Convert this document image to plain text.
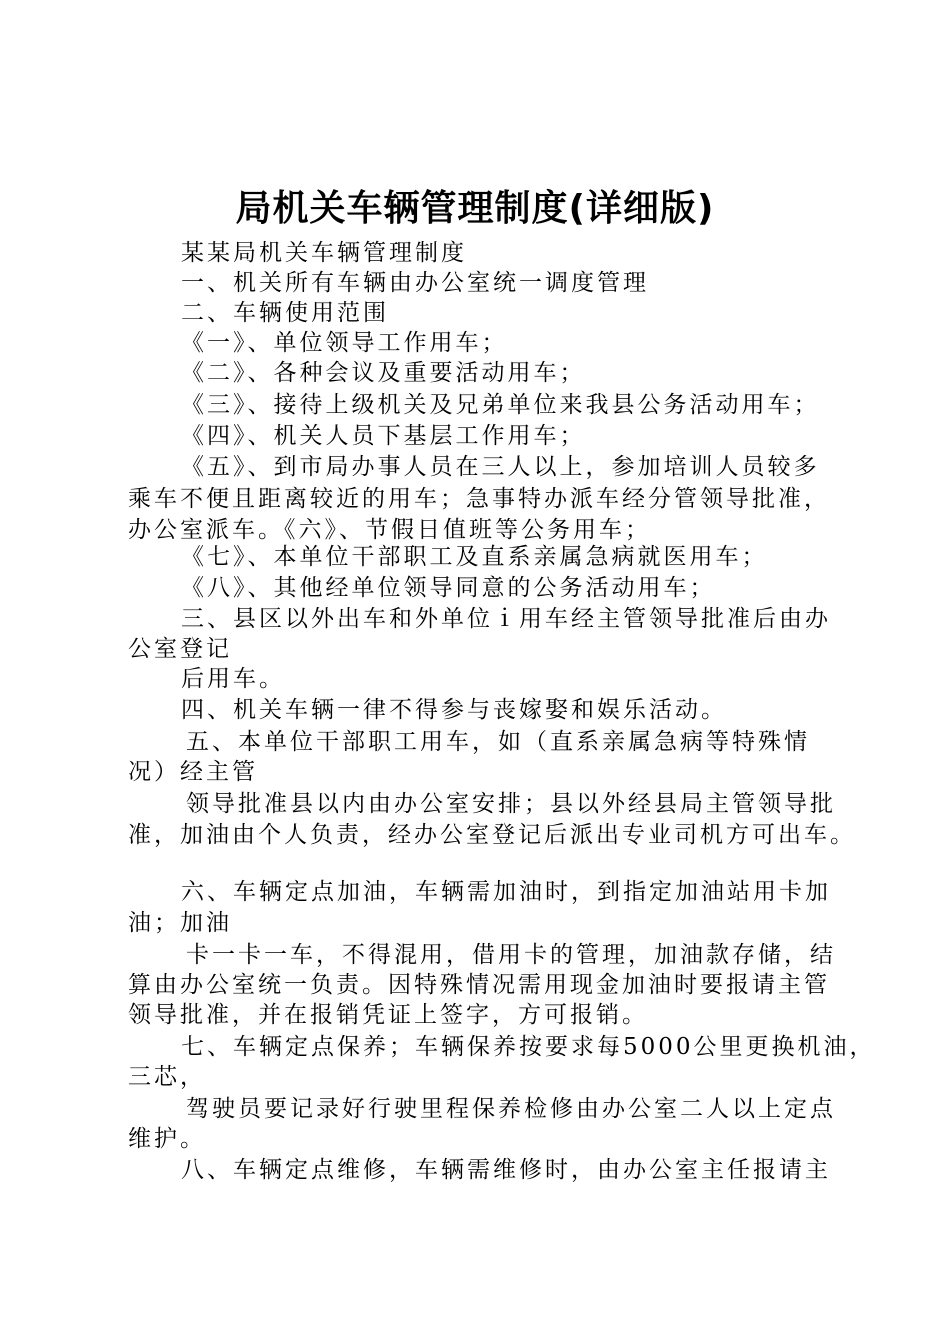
局机关车辆管理制度(详细版)
某某局机关车辆管理制度
一、机关所有车辆由办公室统一调度管理
二、车辆使用范围
《一》、单位领导工作用车；
《二》、各种会议及重要活动用车；
《三》、接待上级机关及兄弟单位来我县公务活动用车；
《四》、机关人员下基层工作用车；
《五》、到市局办事人员在三人以上，参加培训人员较多
乘车不便且距离较近的用车；急事特办派车经分管领导批准，
办公室派车。《六》、节假日值班等公务用车；
《七》、本单位干部职工及直系亲属急病就医用车；
《八》、其他经单位领导同意的公务活动用车；
三、县区以外出车和外单位ｉ用车经主管领导批准后由办
公室登记
后用车。
四、机关车辆一律不得参与丧嫁娶和娱乐活动。
五、本单位干部职工用车，如（直系亲属急病等特殊情
况）经主管
领导批准县以内由办公室安排；县以外经县局主管领导批
准，加油由个人负责，经办公室登记后派出专业司机方可出车。
六、车辆定点加油，车辆需加油时，到指定加油站用卡加
油；加油
卡一卡一车，不得混用，借用卡的管理，加油款存储，结
算由办公室统一负责。因特殊情况需用现金加油时要报请主管
领导批准，并在报销凭证上签字，方可报销。
七、车辆定点保养；车辆保养按要求每5000公里更换机油，
三芯，
驾驶员要记录好行驶里程保养检修由办公室二人以上定点
维护。
八、车辆定点维修，车辆需维修时，由办公室主任报请主
